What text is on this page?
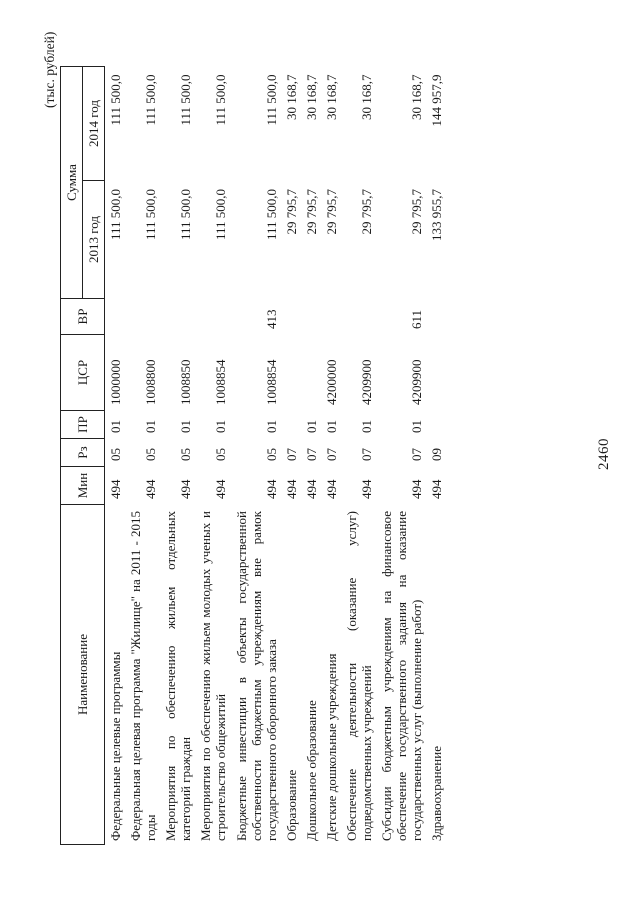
2460
(тыс. рублей)
Наименование	Мин	Рз	ПР	ЦСР	ВР	Сумма	
						2013 год	2014 год
Федеральные целевые программы	494	05	01	1000000		111 500,0	111 500,0
Федеральная целевая программа "Жилище" на 2011 - 2015 годы	494	05	01	1008800		111 500,0	111 500,0
Мероприятия по обеспечению жильем отдельных категорий граждан	494	05	01	1008850		111 500,0	111 500,0
Мероприятия по обеспечению жильем молодых ученых и строительство общежитий	494	05	01	1008854		111 500,0	111 500,0
Бюджетные инвестиции в объекты государственной собственности бюджетным учреждениям вне рамок государственного оборонного заказа	494	05	01	1008854	413	111 500,0	111 500,0
Образование	494	07				29 795,7	30 168,7
Дошкольное образование	494	07	01			29 795,7	30 168,7
Детские дошкольные учреждения	494	07	01	4200000		29 795,7	30 168,7
Обеспечение деятельности (оказание услуг) подведомственных учреждений	494	07	01	4209900		29 795,7	30 168,7
Субсидии бюджетным учреждениям на финансовое обеспечение государственного задания на оказание государственных услуг (выполнение работ)	494	07	01	4209900	611	29 795,7	30 168,7
Здравоохранение	494	09				133 955,7	144 957,9
